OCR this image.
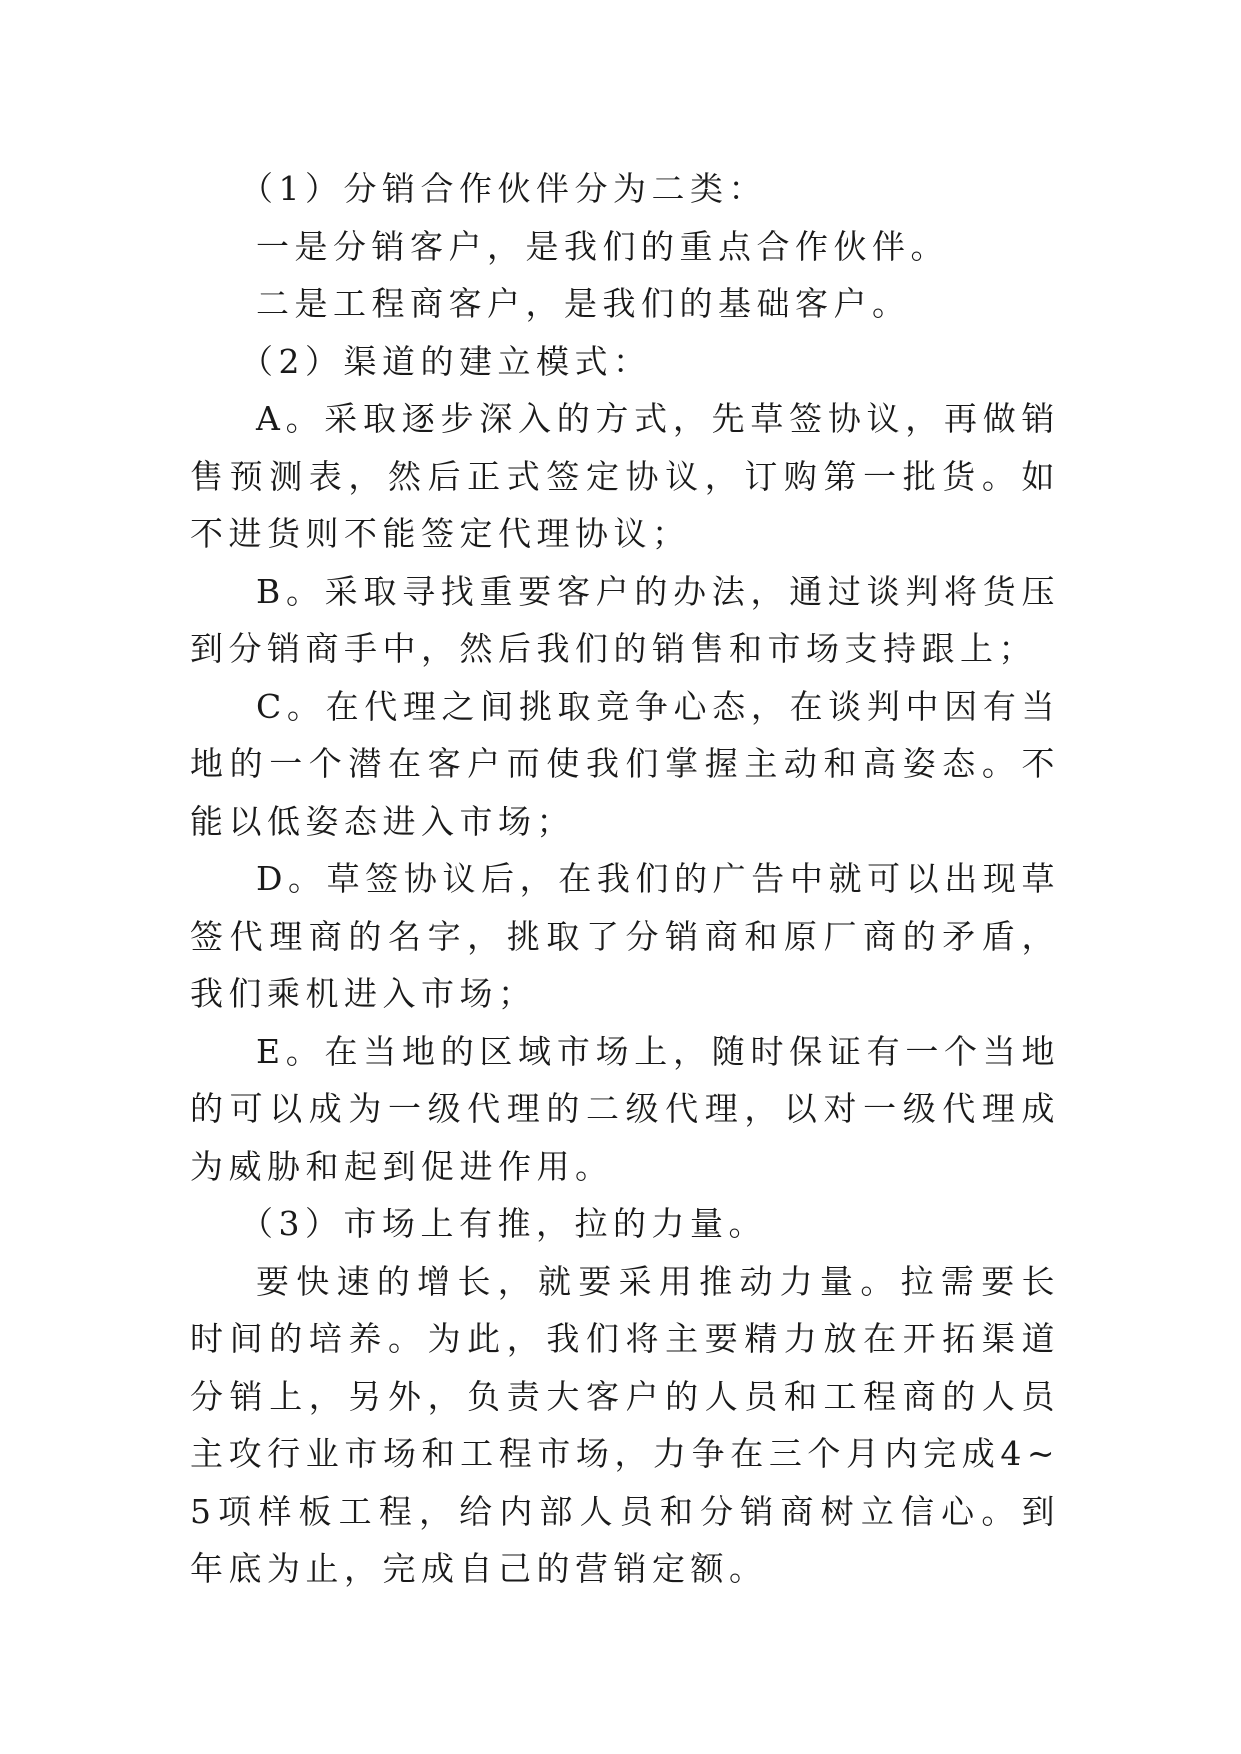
（1）分销合作伙伴分为二类：

一是分销客户，是我们的重点合作伙伴。

二是工程商客户，是我们的基础客户。

（2）渠道的建立模式：

A。采取逐步深入的方式，先草签协议，再做销售预测表，然后正式签定协议，订购第一批货。如不进货则不能签定代理协议；

B。采取寻找重要客户的办法，通过谈判将货压到分销商手中，然后我们的销售和市场支持跟上；

C。在代理之间挑取竞争心态，在谈判中因有当地的一个潜在客户而使我们掌握主动和高姿态。不能以低姿态进入市场；

D。草签协议后，在我们的广告中就可以出现草签代理商的名字，挑取了分销商和原厂商的矛盾，我们乘机进入市场；

E。在当地的区域市场上，随时保证有一个当地的可以成为一级代理的二级代理，以对一级代理成为威胁和起到促进作用。

（3）市场上有推，拉的力量。

要快速的增长，就要采用推动力量。拉需要长时间的培养。为此，我们将主要精力放在开拓渠道分销上，另外，负责大客户的人员和工程商的人员主攻行业市场和工程市场，力争在三个月内完成4~5项样板工程，给内部人员和分销商树立信心。到年底为止，完成自己的营销定额。
